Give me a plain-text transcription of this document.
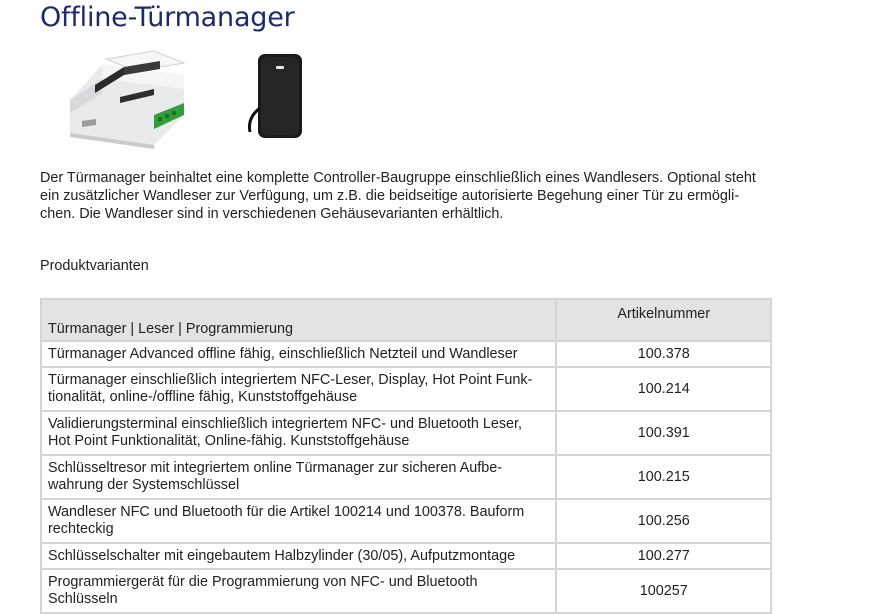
Offline-Türmanager

Der Türmanager beinhaltet eine komplette Controller-Baugruppe einschließlich eines Wandlesers. Optional steht

ein zusätzlicher Wandleser zur Verfügung, um z.B. die beidseitige autorisierte Begehung einer Tür zu ermögli-

chen. Die Wandleser sind in verschiedenen Gehäusevarianten erhältlich.

Produktvarianten
Türmanager | Leser | Programmierung	Artikelnummer

Türmanager Advanced offline fähig, einschließlich Netzteil und Wandleser	100.378

Türmanager einschließlich integriertem NFC-Leser, Display, Hot Point Funk-
tionalität, online-/offline fähig, Kunststoffgehäuse	100.214

Validierungsterminal einschließlich integriertem NFC- und Bluetooth Leser,
Hot Point Funktionalität, Online-fähig. Kunststoffgehäuse	100.391

Schlüsseltresor mit integriertem online Türmanager zur sicheren Aufbe-
wahrung der Systemschlüssel	100.215

Wandleser NFC und Bluetooth für die Artikel 100214 und 100378. Bauform
rechteckig	100.256

Schlüsselschalter mit eingebautem Halbzylinder (30/05), Aufputzmontage	100.277

Programmiergerät für die Programmierung von NFC- und Bluetooth
Schlüsseln	100257
